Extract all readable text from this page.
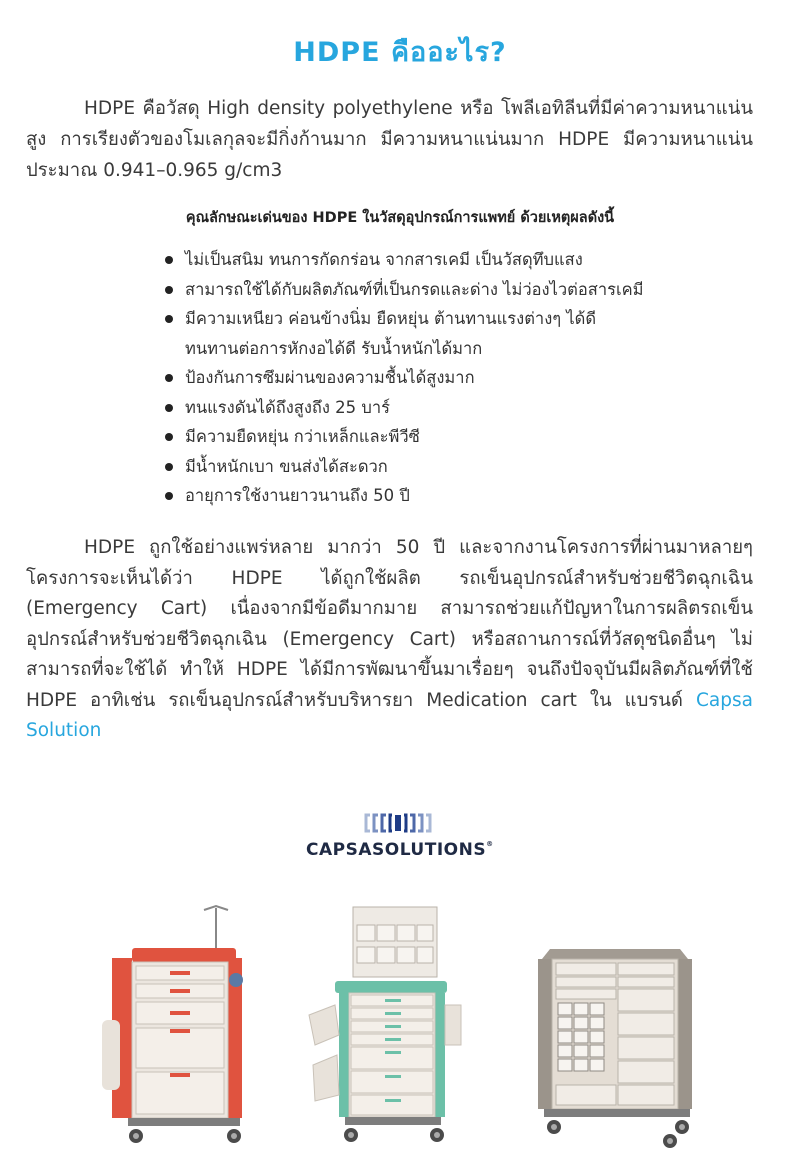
HDPE คืออะไร?
HDPE คือวัสดุ High density polyethylene หรือ โพลีเอทิลีนที่มีค่าความหนาแน่นสูง การเรียงตัวของโมเลกุลจะมีกิ่งก้านมาก มีความหนาแน่นมาก HDPE มีความหนาแน่นประมาณ 0.941–0.965 g/cm3
คุณลักษณะเด่นของ HDPE ในวัสดุอุปกรณ์การแพทย์ ด้วยเหตุผลดังนี้
ไม่เป็นสนิม ทนการกัดกร่อน จากสารเคมี เป็นวัสดุทึบแสง
สามารถใช้ได้กับผลิตภัณฑ์ที่เป็นกรดและด่าง ไม่ว่องไวต่อสารเคมี
มีความเหนียว ค่อนข้างนิ่ม ยืดหยุ่น ต้านทานแรงต่างๆ ได้ดี
ทนทานต่อการหักงอได้ดี รับน้ำหนักได้มาก
ป้องกันการซึมผ่านของความชื้นได้สูงมาก
ทนแรงดันได้ถึงสูงถึง 25 บาร์
มีความยืดหยุ่น กว่าเหล็กและพีวีซี
มีน้ำหนักเบา ขนส่งได้สะดวก
อายุการใช้งานยาวนานถึง 50 ปี
HDPE ถูกใช้อย่างแพร่หลาย มากว่า 50 ปี และจากงานโครงการที่ผ่านมาหลายๆ โครงการจะเห็นได้ว่า HDPE ได้ถูกใช้ผลิต รถเข็นอุปกรณ์สำหรับช่วยชีวิตฉุกเฉิน (Emergency Cart) เนื่องจากมีข้อดีมากมาย สามารถช่วยแก้ปัญหาในการผลิตรถเข็นอุปกรณ์สำหรับช่วยชีวิตฉุกเฉิน (Emergency Cart) หรือสถานการณ์ที่วัสดุชนิดอื่นๆ ไม่สามารถที่จะใช้ได้ ทำให้ HDPE ได้มีการพัฒนาขึ้นมาเรื่อยๆ จนถึงปัจจุบันมีผลิตภัณฑ์ที่ใช้ HDPE อาทิเช่น รถเข็นอุปกรณ์สำหรับบริหารยา Medication cart ใน แบรนด์ Capsa Solution
CAPSASOLUTIONS®
